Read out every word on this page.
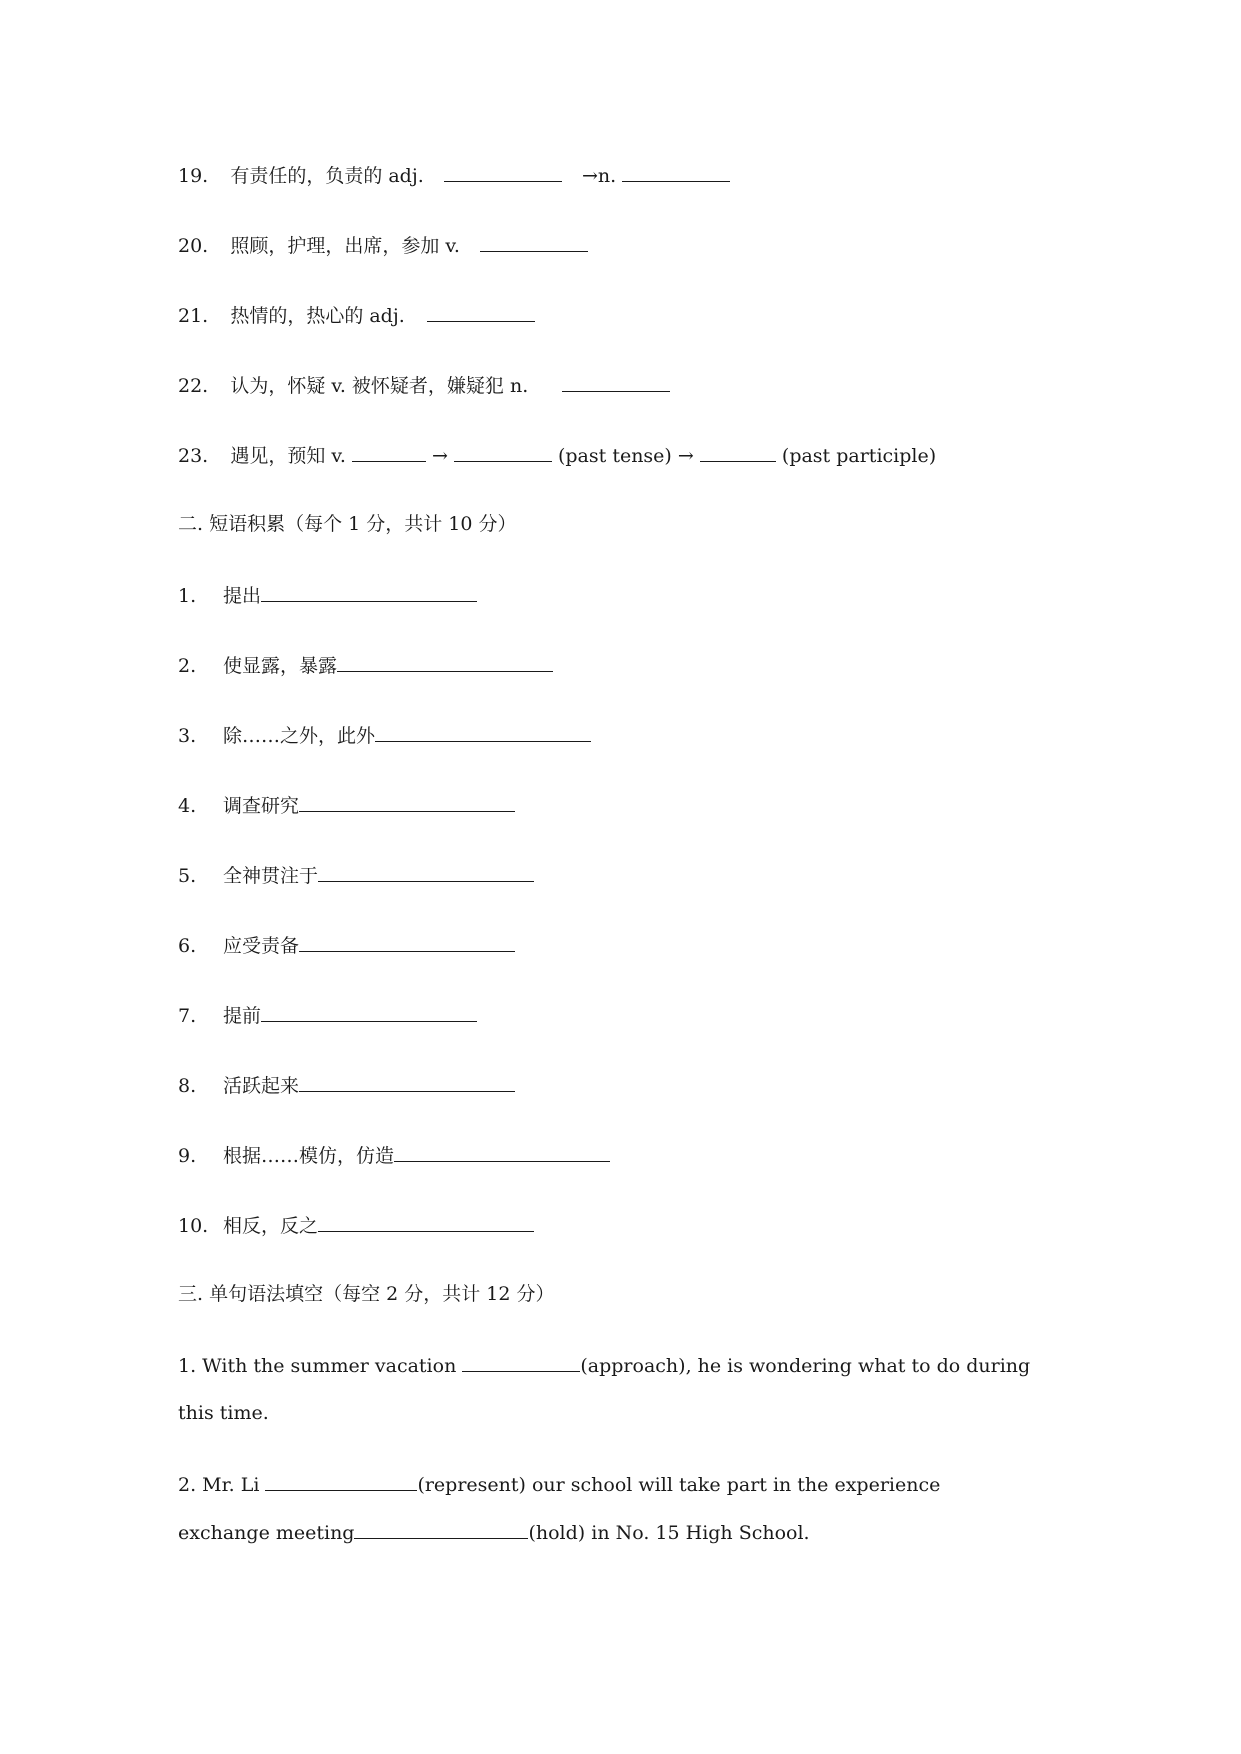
19. 有责任的，负责的 adj.	→n.
20. 照顾，护理，出席，参加 v.
21. 热情的，热心的 adj.
22. 认为，怀疑 v. 被怀疑者，嫌疑犯 n.
23. 遇见，预知 v.	→	(past tense) →	(past participle)
二. 短语积累（每个 1 分，共计 10 分）
1. 提出
2. 使显露，暴露
3. 除……之外，此外
4. 调查研究
5. 全神贯注于
6. 应受责备
7. 提前
8. 活跃起来
9. 根据……模仿，仿造
10. 相反，反之
三. 单句语法填空（每空 2 分，共计 12 分）
1. With the summer vacation	(approach), he is wondering what to do during
this time.
2. Mr. Li	(represent) our school will take part in the experience
exchange meeting	(hold) in No. 15 High School.
